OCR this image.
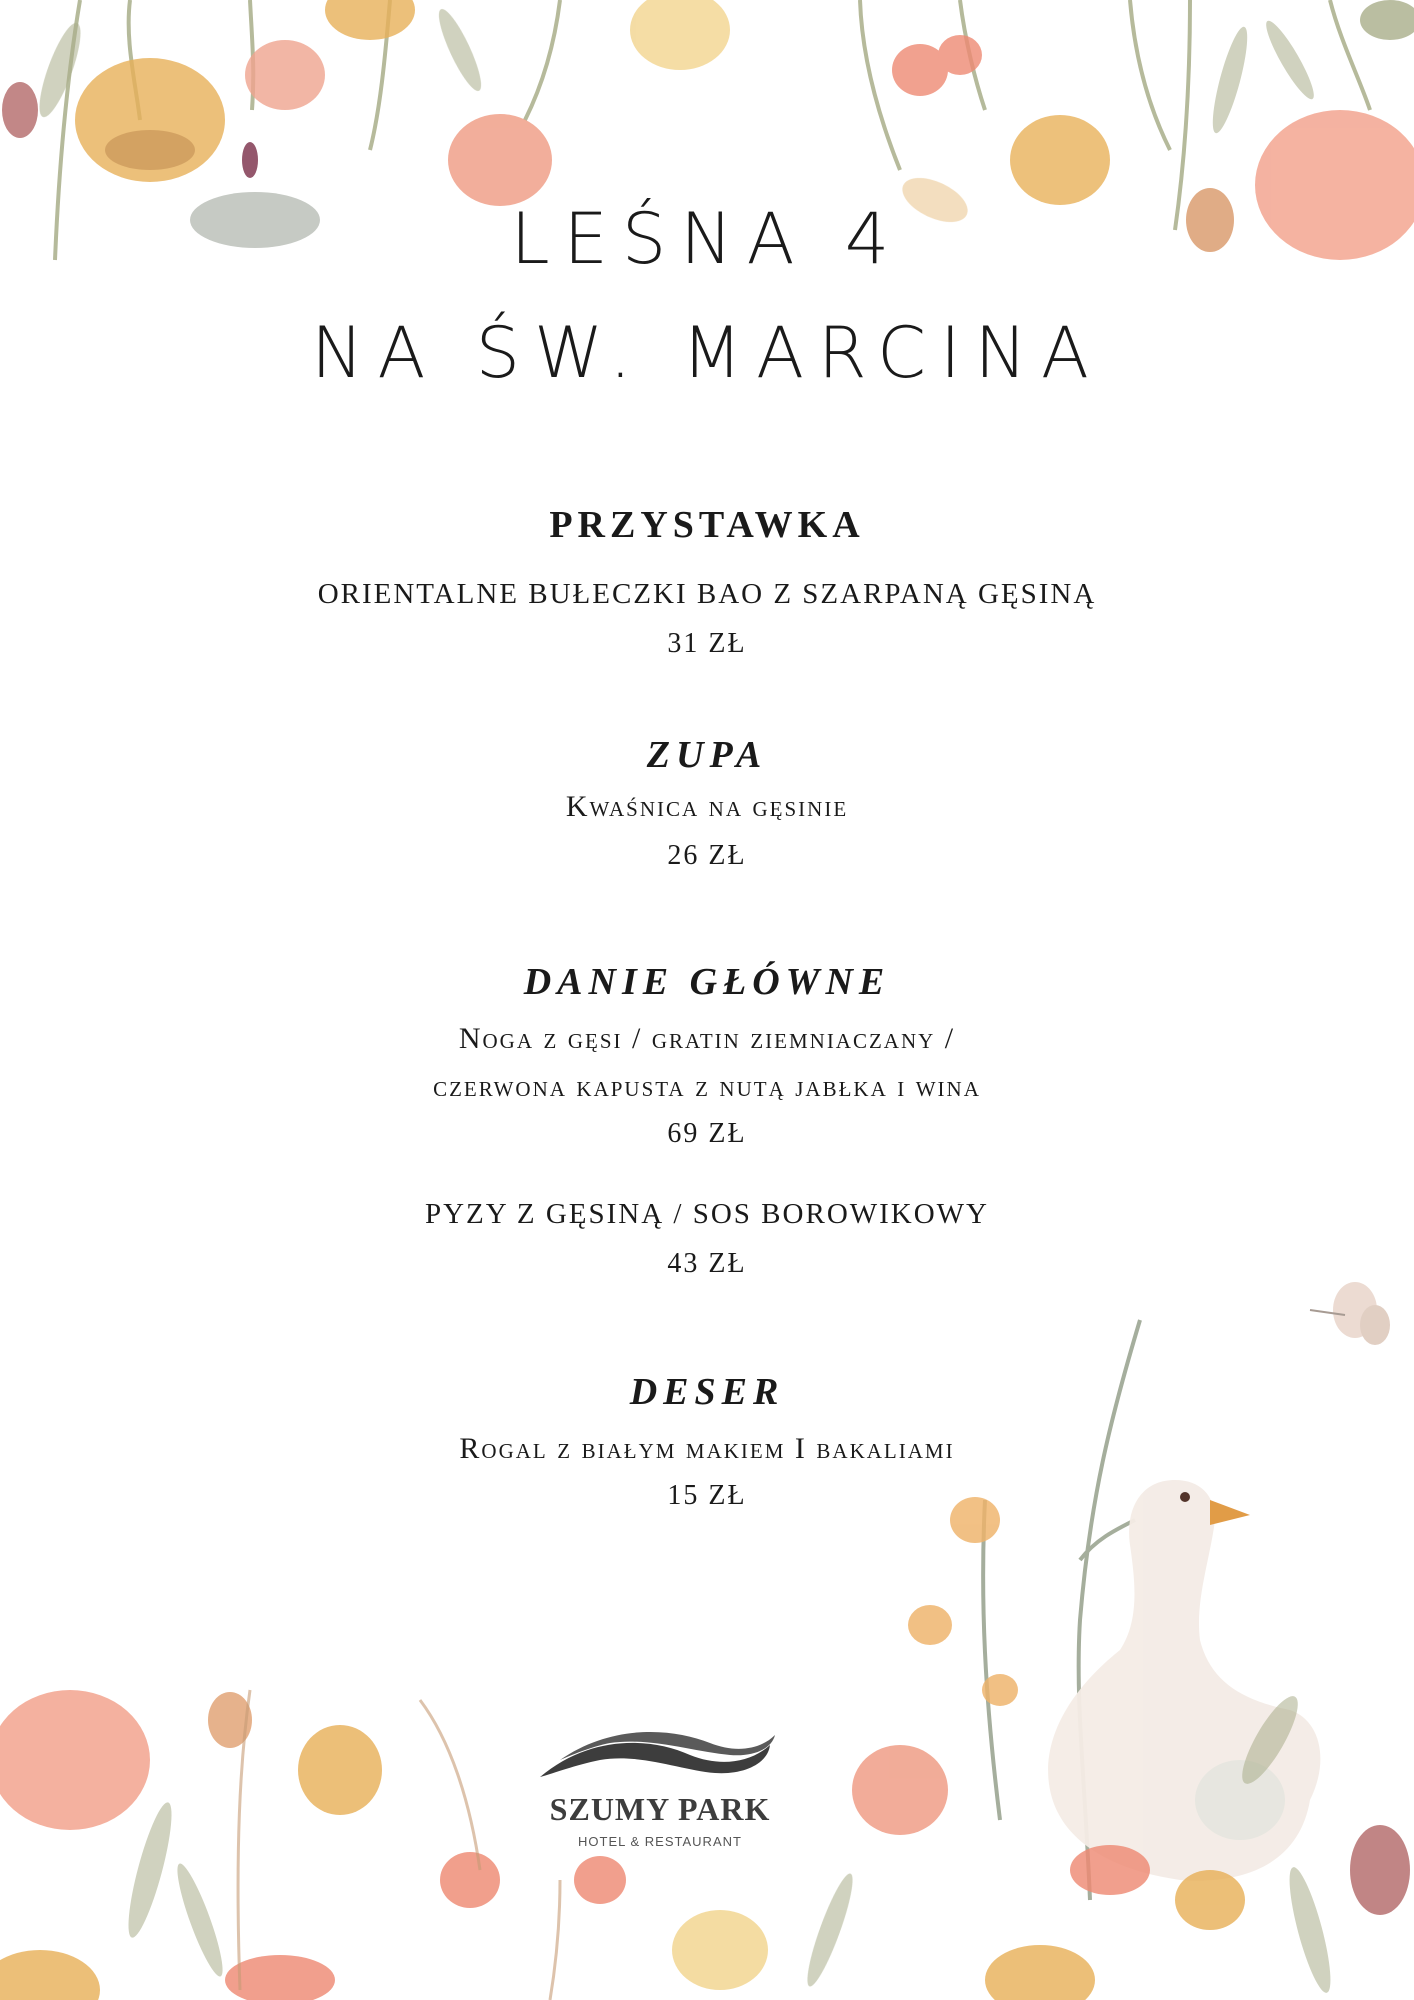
LEŚNA 4
NA ŚW. MARCINA
PRZYSTAWKA
ORIENTALNE BUŁECZKI BAO Z SZARPANĄ GĘSINĄ
31 ZŁ
ZUPA
Kwaśnica na gęsinie
26 ZŁ
DANIE GŁÓWNE
Noga z gęsi / gratin ziemniaczany /
czerwona kapusta z nutą jabłka i wina
69 ZŁ
PYZY Z GĘSINĄ / SOS BOROWIKOWY
43 ZŁ
DESER
Rogal z białym makiem I bakaliami
15 ZŁ
SZUMY PARK
HOTEL & RESTAURANT
